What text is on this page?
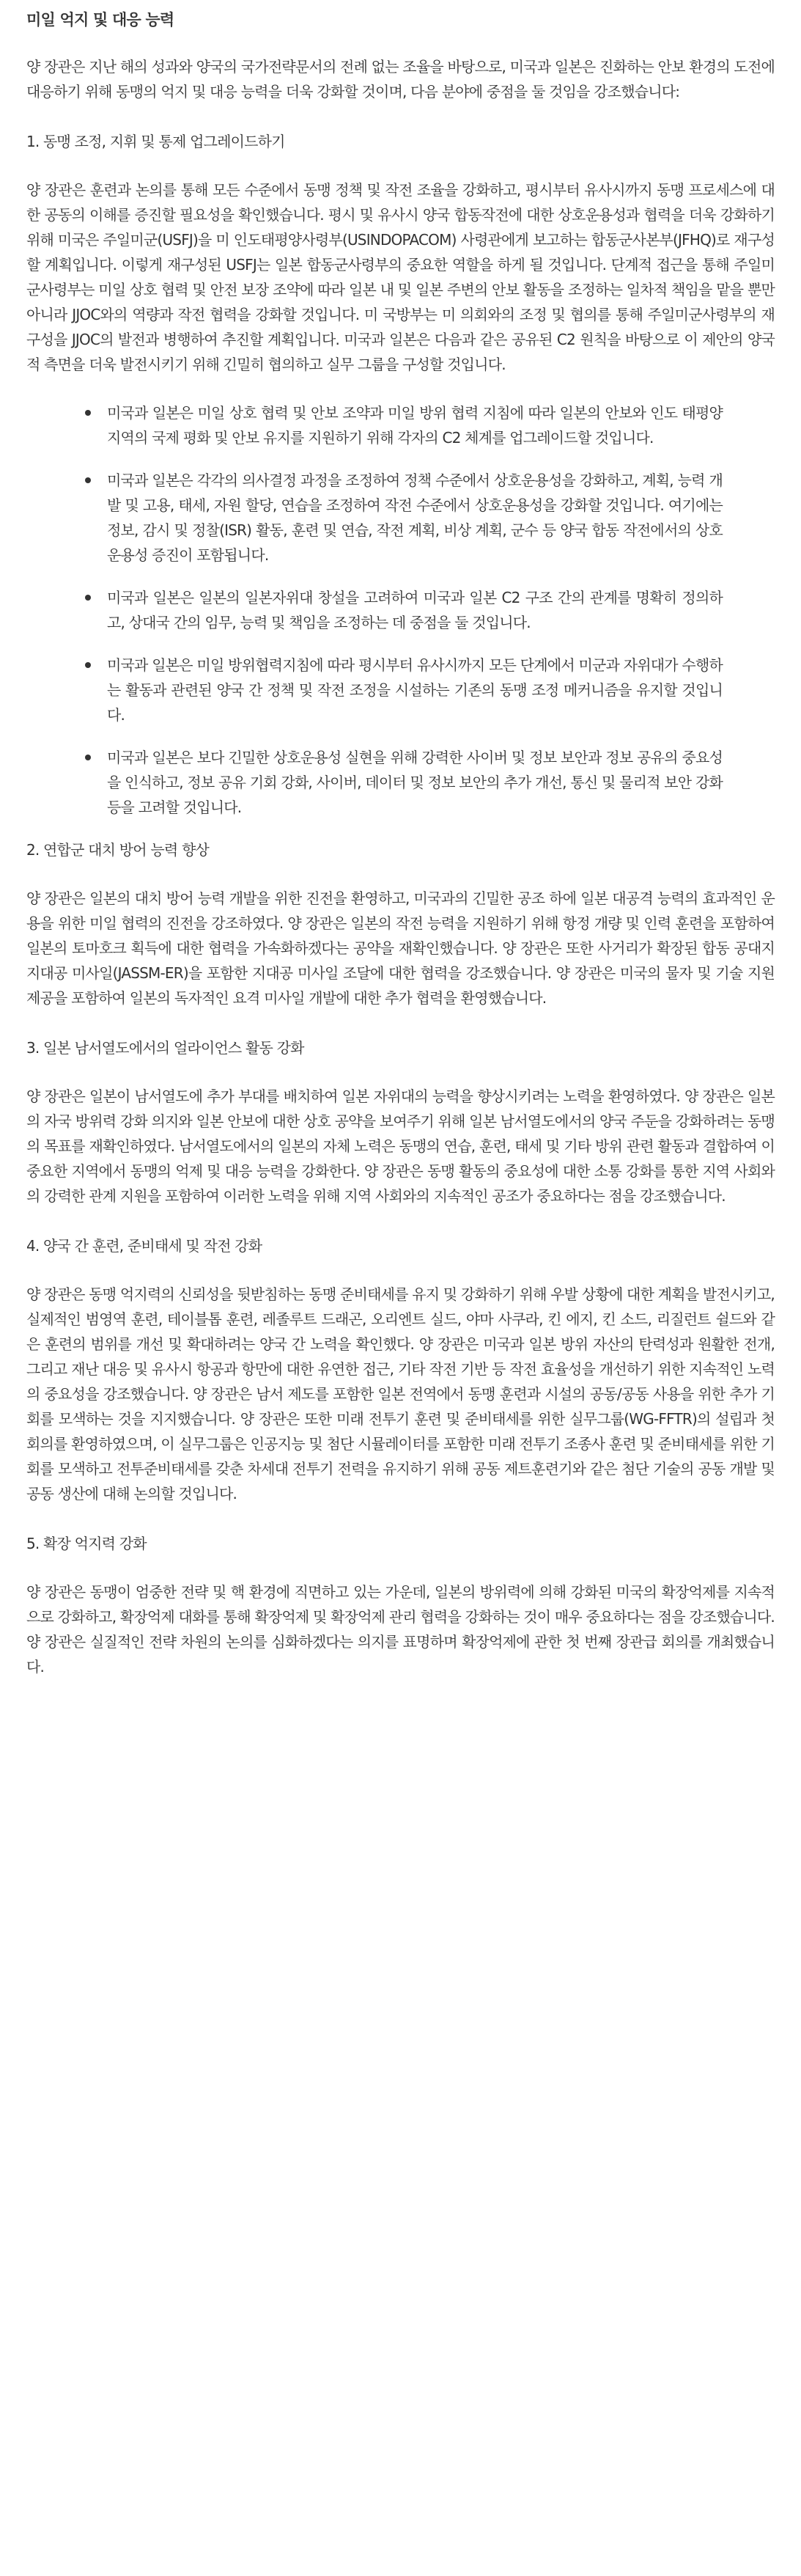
미일 억지 및 대응 능력

양 장관은 지난 해의 성과와 양국의 국가전략문서의 전례 없는 조율을 바탕으로, 미국과 일본은 진화하는 안보 환경의 도전에 대응하기 위해 동맹의 억지 및 대응 능력을 더욱 강화할 것이며, 다음 분야에 중점을 둘 것임을 강조했습니다:

1. 동맹 조정, 지휘 및 통제 업그레이드하기

양 장관은 훈련과 논의를 통해 모든 수준에서 동맹 정책 및 작전 조율을 강화하고, 평시부터 유사시까지 동맹 프로세스에 대한 공동의 이해를 증진할 필요성을 확인했습니다. 평시 및 유사시 양국 합동작전에 대한 상호운용성과 협력을 더욱 강화하기 위해 미국은 주일미군(USFJ)을 미 인도태평양사령부(USINDOPACOM) 사령관에게 보고하는 합동군사본부(JFHQ)로 재구성할 계획입니다. 이렇게 재구성된 USFJ는 일본 합동군사령부의 중요한 역할을 하게 될 것입니다. 단계적 접근을 통해 주일미군사령부는 미일 상호 협력 및 안전 보장 조약에 따라 일본 내 및 일본 주변의 안보 활동을 조정하는 일차적 책임을 맡을 뿐만 아니라 JJOC와의 역량과 작전 협력을 강화할 것입니다. 미 국방부는 미 의회와의 조정 및 협의를 통해 주일미군사령부의 재구성을 JJOC의 발전과 병행하여 추진할 계획입니다. 미국과 일본은 다음과 같은 공유된 C2 원칙을 바탕으로 이 제안의 양국적 측면을 더욱 발전시키기 위해 긴밀히 협의하고 실무 그룹을 구성할 것입니다.

미국과 일본은 미일 상호 협력 및 안보 조약과 미일 방위 협력 지침에 따라 일본의 안보와 인도 태평양 지역의 국제 평화 및 안보 유지를 지원하기 위해 각자의 C2 체계를 업그레이드할 것입니다.
미국과 일본은 각각의 의사결정 과정을 조정하여 정책 수준에서 상호운용성을 강화하고, 계획, 능력 개발 및 고용, 태세, 자원 할당, 연습을 조정하여 작전 수준에서 상호운용성을 강화할 것입니다. 여기에는 정보, 감시 및 정찰(ISR) 활동, 훈련 및 연습, 작전 계획, 비상 계획, 군수 등 양국 합동 작전에서의 상호 운용성 증진이 포함됩니다.
미국과 일본은 일본의 일본자위대 창설을 고려하여 미국과 일본 C2 구조 간의 관계를 명확히 정의하고, 상대국 간의 임무, 능력 및 책임을 조정하는 데 중점을 둘 것입니다.
미국과 일본은 미일 방위협력지침에 따라 평시부터 유사시까지 모든 단계에서 미군과 자위대가 수행하는 활동과 관련된 양국 간 정책 및 작전 조정을 시설하는 기존의 동맹 조정 메커니즘을 유지할 것입니다.
미국과 일본은 보다 긴밀한 상호운용성 실현을 위해 강력한 사이버 및 정보 보안과 정보 공유의 중요성을 인식하고, 정보 공유 기회 강화, 사이버, 데이터 및 정보 보안의 추가 개선, 통신 및 물리적 보안 강화 등을 고려할 것입니다.
2. 연합군 대치 방어 능력 향상

양 장관은 일본의 대치 방어 능력 개발을 위한 진전을 환영하고, 미국과의 긴밀한 공조 하에 일본 대공격 능력의 효과적인 운용을 위한 미일 협력의 진전을 강조하였다. 양 장관은 일본의 작전 능력을 지원하기 위해 항정 개량 및 인력 훈련을 포함하여 일본의 토마호크 획득에 대한 협력을 가속화하겠다는 공약을 재확인했습니다. 양 장관은 또한 사거리가 확장된 합동 공대지 지대공 미사일(JASSM-ER)을 포함한 지대공 미사일 조달에 대한 협력을 강조했습니다. 양 장관은 미국의 물자 및 기술 지원 제공을 포함하여 일본의 독자적인 요격 미사일 개발에 대한 추가 협력을 환영했습니다.

3. 일본 남서열도에서의 얼라이언스 활동 강화

양 장관은 일본이 남서열도에 추가 부대를 배치하여 일본 자위대의 능력을 향상시키려는 노력을 환영하였다. 양 장관은 일본의 자국 방위력 강화 의지와 일본 안보에 대한 상호 공약을 보여주기 위해 일본 남서열도에서의 양국 주둔을 강화하려는 동맹의 목표를 재확인하였다. 남서열도에서의 일본의 자체 노력은 동맹의 연습, 훈련, 태세 및 기타 방위 관련 활동과 결합하여 이 중요한 지역에서 동맹의 억제 및 대응 능력을 강화한다. 양 장관은 동맹 활동의 중요성에 대한 소통 강화를 통한 지역 사회와의 강력한 관계 지원을 포함하여 이러한 노력을 위해 지역 사회와의 지속적인 공조가 중요하다는 점을 강조했습니다.

4. 양국 간 훈련, 준비태세 및 작전 강화

양 장관은 동맹 억지력의 신뢰성을 뒷받침하는 동맹 준비태세를 유지 및 강화하기 위해 우발 상황에 대한 계획을 발전시키고, 실제적인 범영역 훈련, 테이블톱 훈련, 레졸루트 드래곤, 오리엔트 실드, 야마 사쿠라, 킨 에지, 킨 소드, 리질런트 쉴드와 같은 훈련의 범위를 개선 및 확대하려는 양국 간 노력을 확인했다. 양 장관은 미국과 일본 방위 자산의 탄력성과 원활한 전개, 그리고 재난 대응 및 유사시 항공과 항만에 대한 유연한 접근, 기타 작전 기반 등 작전 효율성을 개선하기 위한 지속적인 노력의 중요성을 강조했습니다. 양 장관은 남서 제도를 포함한 일본 전역에서 동맹 훈련과 시설의 공동/공동 사용을 위한 추가 기회를 모색하는 것을 지지했습니다. 양 장관은 또한 미래 전투기 훈련 및 준비태세를 위한 실무그룹(WG-FFTR)의 설립과 첫 회의를 환영하였으며, 이 실무그룹은 인공지능 및 첨단 시뮬레이터를 포함한 미래 전투기 조종사 훈련 및 준비태세를 위한 기회를 모색하고 전투준비태세를 갖춘 차세대 전투기 전력을 유지하기 위해 공동 제트훈련기와 같은 첨단 기술의 공동 개발 및 공동 생산에 대해 논의할 것입니다.

5. 확장 억지력 강화

양 장관은 동맹이 엄중한 전략 및 핵 환경에 직면하고 있는 가운데, 일본의 방위력에 의해 강화된 미국의 확장억제를 지속적으로 강화하고, 확장억제 대화를 통해 확장억제 및 확장억제 관리 협력을 강화하는 것이 매우 중요하다는 점을 강조했습니다. 양 장관은 실질적인 전략 차원의 논의를 심화하겠다는 의지를 표명하며 확장억제에 관한 첫 번째 장관급 회의를 개최했습니다.
